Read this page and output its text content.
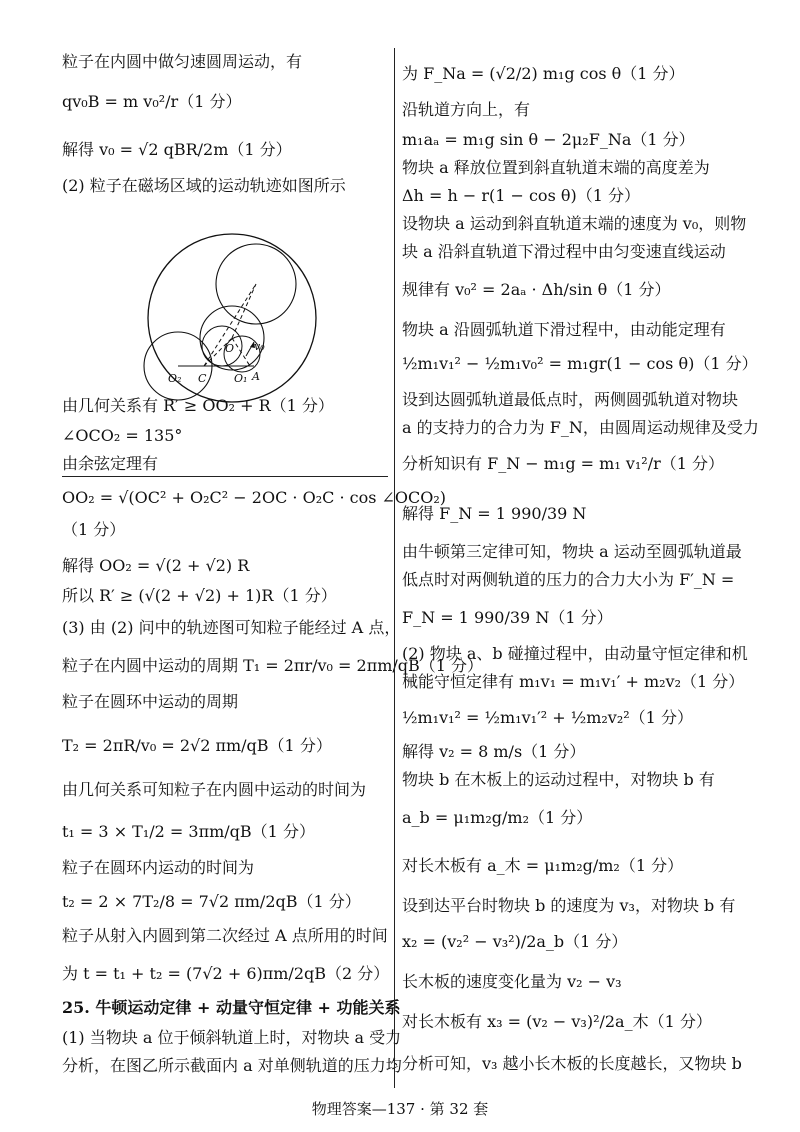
粒子在内圆中做匀速圆周运动，有
qv₀B = m v₀²/r（1 分）
解得 v₀ = √2 qBR/2m（1 分）
(2) 粒子在磁场区域的运动轨迹如图所示
O₂ C
O
O₁ A
v₀
由几何关系有 R′ ≥ OO₂ + R（1 分）
∠OCO₂ = 135°
由余弦定理有
OO₂ = √(OC² + O₂C² − 2OC · O₂C · cos ∠OCO₂)
（1 分）
解得 OO₂ = √(2 + √2) R
所以 R′ ≥ (√(2 + √2) + 1)R（1 分）
(3) 由 (2) 问中的轨迹图可知粒子能经过 A 点，
粒子在内圆中运动的周期 T₁ = 2πr/v₀ = 2πm/qB（1 分）
粒子在圆环中运动的周期
T₂ = 2πR/v₀ = 2√2 πm/qB（1 分）
由几何关系可知粒子在内圆中运动的时间为
t₁ = 3 × T₁/2 = 3πm/qB（1 分）
粒子在圆环内运动的时间为
t₂ = 2 × 7T₂/8 = 7√2 πm/2qB（1 分）
粒子从射入内圆到第二次经过 A 点所用的时间
为 t = t₁ + t₂ = (7√2 + 6)πm/2qB（2 分）
25. 牛顿运动定律 + 动量守恒定律 + 功能关系
(1) 当物块 a 位于倾斜轨道上时，对物块 a 受力
分析，在图乙所示截面内 a 对单侧轨道的压力均
为 F_Na = (√2/2) m₁g cos θ（1 分）
沿轨道方向上，有
m₁aₐ = m₁g sin θ − 2μ₂F_Na（1 分）
物块 a 释放位置到斜直轨道末端的高度差为
Δh = h − r(1 − cos θ)（1 分）
设物块 a 运动到斜直轨道末端的速度为 v₀，则物
块 a 沿斜直轨道下滑过程中由匀变速直线运动
规律有 v₀² = 2aₐ · Δh/sin θ（1 分）
物块 a 沿圆弧轨道下滑过程中，由动能定理有
½m₁v₁² − ½m₁v₀² = m₁gr(1 − cos θ)（1 分）
设到达圆弧轨道最低点时，两侧圆弧轨道对物块
a 的支持力的合力为 F_N，由圆周运动规律及受力
分析知识有 F_N − m₁g = m₁ v₁²/r（1 分）
解得 F_N = 1 990/39 N
由牛顿第三定律可知，物块 a 运动至圆弧轨道最
低点时对两侧轨道的压力的合力大小为 F′_N =
F_N = 1 990/39 N（1 分）
(2) 物块 a、b 碰撞过程中，由动量守恒定律和机
械能守恒定律有 m₁v₁ = m₁v₁′ + m₂v₂（1 分）
½m₁v₁² = ½m₁v₁′² + ½m₂v₂²（1 分）
解得 v₂ = 8 m/s（1 分）
物块 b 在木板上的运动过程中，对物块 b 有
a_b = μ₁m₂g/m₂（1 分）
对长木板有 a_木 = μ₁m₂g/m₂（1 分）
设到达平台时物块 b 的速度为 v₃，对物块 b 有
x₂ = (v₂² − v₃²)/2a_b（1 分）
长木板的速度变化量为 v₂ − v₃
对长木板有 x₃ = (v₂ − v₃)²/2a_木（1 分）
分析可知，v₃ 越小长木板的长度越长，又物块 b
物理答案—137 · 第 32 套
